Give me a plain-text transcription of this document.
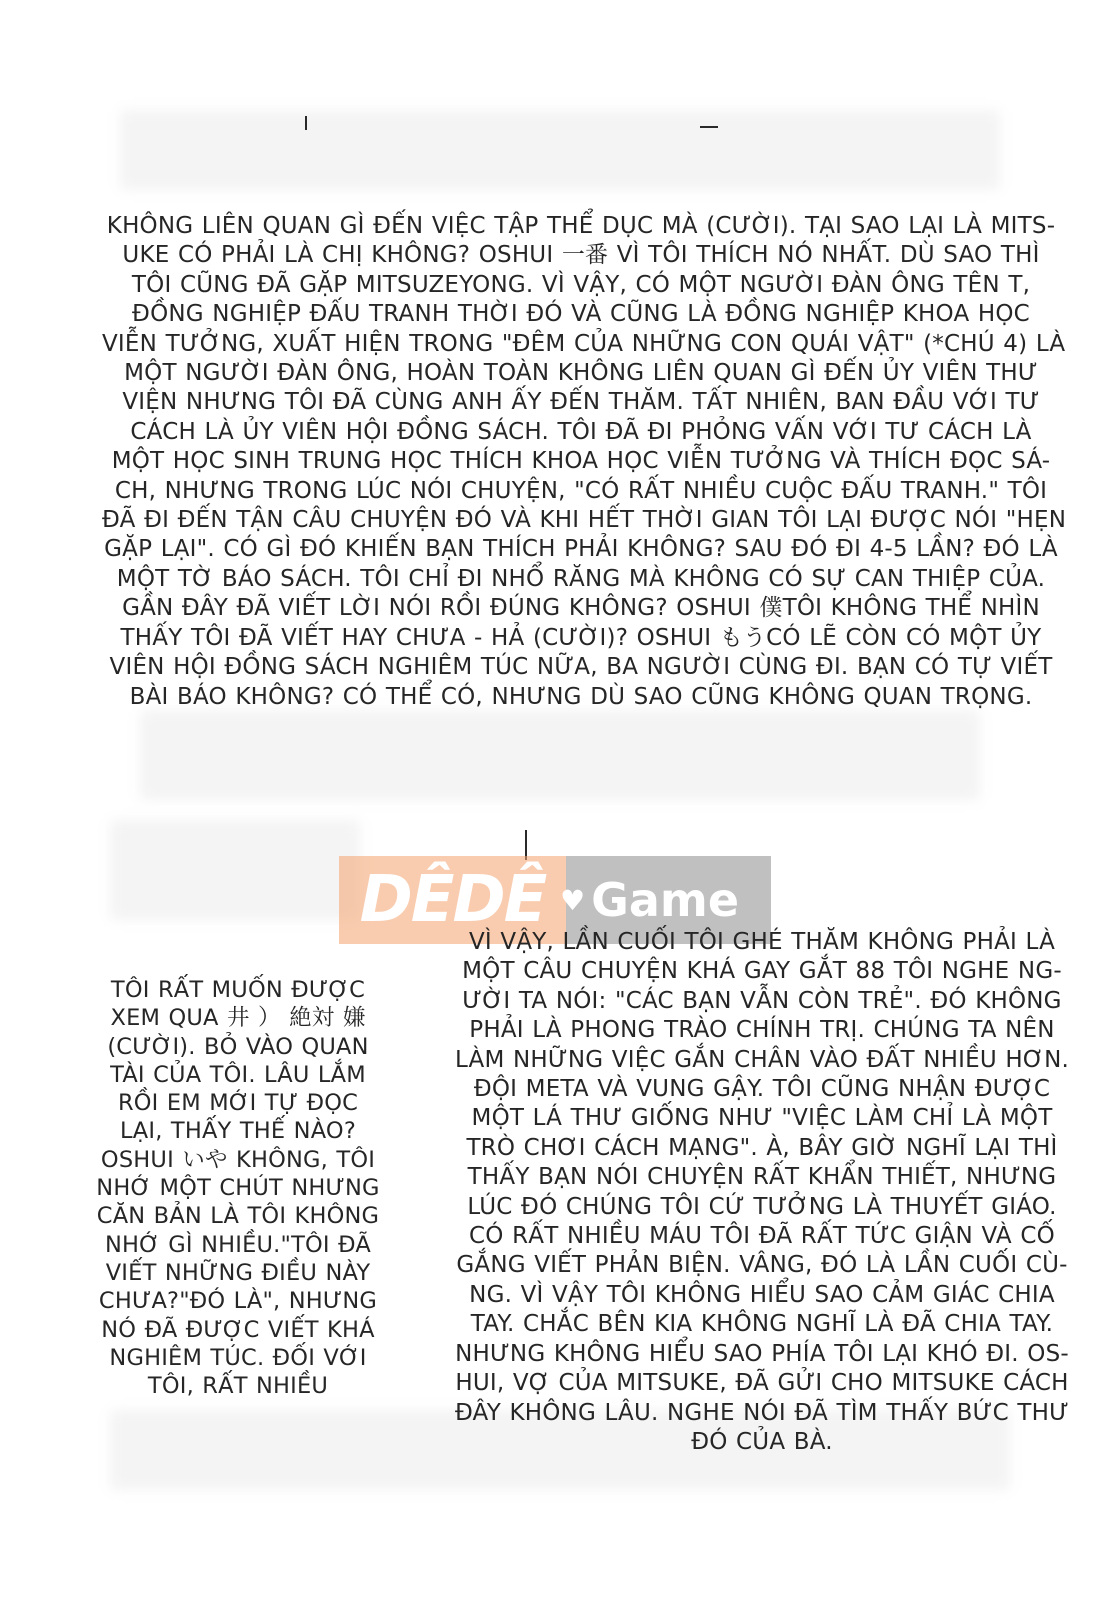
KHÔNG LIÊN QUAN GÌ ĐẾN VIỆC TẬP THỂ DỤC MÀ (CƯỜI). TẠI SAO LẠI LÀ MITS-
UKE CÓ PHẢI LÀ CHỊ KHÔNG? OSHUI 一番 VÌ TÔI THÍCH NÓ NHẤT. DÙ SAO THÌ
TÔI CŨNG ĐÃ GẶP MITSUZEYONG. VÌ VẬY, CÓ MỘT NGƯỜI ĐÀN ÔNG TÊN T,
ĐỒNG NGHIỆP ĐẤU TRANH THỜI ĐÓ VÀ CŨNG LÀ ĐỒNG NGHIỆP KHOA HỌC
VIỄN TƯỞNG, XUẤT HIỆN TRONG "ĐÊM CỦA NHỮNG CON QUÁI VẬT" (*CHÚ 4) LÀ
MỘT NGƯỜI ĐÀN ÔNG, HOÀN TOÀN KHÔNG LIÊN QUAN GÌ ĐẾN ỦY VIÊN THƯ
VIỆN NHƯNG TÔI ĐÃ CÙNG ANH ẤY ĐẾN THĂM. TẤT NHIÊN, BAN ĐẦU VỚI TƯ
CÁCH LÀ ỦY VIÊN HỘI ĐỒNG SÁCH. TÔI ĐÃ ĐI PHỎNG VẤN VỚI TƯ CÁCH LÀ
MỘT HỌC SINH TRUNG HỌC THÍCH KHOA HỌC VIỄN TƯỞNG VÀ THÍCH ĐỌC SÁ-
CH, NHƯNG TRONG LÚC NÓI CHUYỆN, "CÓ RẤT NHIỀU CUỘC ĐẤU TRANH." TÔI
ĐÃ ĐI ĐẾN TẬN CÂU CHUYỆN ĐÓ VÀ KHI HẾT THỜI GIAN TÔI LẠI ĐƯỢC NÓI "HẸN
GẶP LẠI". CÓ GÌ ĐÓ KHIẾN BẠN THÍCH PHẢI KHÔNG? SAU ĐÓ ĐI 4-5 LẦN? ĐÓ LÀ
MỘT TỜ BÁO SÁCH. TÔI CHỈ ĐI NHỔ RĂNG MÀ KHÔNG CÓ SỰ CAN THIỆP CỦA.
GẦN ĐÂY ĐÃ VIẾT LỜI NÓI RỒI ĐÚNG KHÔNG? OSHUI 僕TÔI KHÔNG THỂ NHÌN
THẤY TÔI ĐÃ VIẾT HAY CHƯA - HẢ (CƯỜI)? OSHUI もうCÓ LẼ CÒN CÓ MỘT ỦY
VIÊN HỘI ĐỒNG SÁCH NGHIÊM TÚC NỮA, BA NGƯỜI CÙNG ĐI. BẠN CÓ TỰ VIẾT
BÀI BÁO KHÔNG? CÓ THỂ CÓ, NHƯNG DÙ SAO CŨNG KHÔNG QUAN TRỌNG.

DÊDÊ ♥ Game

TÔI RẤT MUỐN ĐƯỢC
XEM QUA 井 ） 絶対 嫌
(CƯỜI). BỎ VÀO QUAN
TÀI CỦA TÔI. LÂU LẮM
RỒI EM MỚI TỰ ĐỌC
LẠI, THẤY THẾ NÀO?
OSHUI いや KHÔNG, TÔI
NHỚ MỘT CHÚT NHƯNG
CĂN BẢN LÀ TÔI KHÔNG
NHỚ GÌ NHIỀU."TÔI ĐÃ
VIẾT NHỮNG ĐIỀU NÀY
CHƯA?"ĐÓ LÀ", NHƯNG
NÓ ĐÃ ĐƯỢC VIẾT KHÁ
NGHIÊM TÚC. ĐỐI VỚI
TÔI, RẤT NHIỀU

VÌ VẬY, LẦN CUỐI TÔI GHÉ THĂM KHÔNG PHẢI LÀ
MỘT CÂU CHUYỆN KHÁ GAY GẮT 88 TÔI NGHE NG-
ƯỜI TA NÓI: "CÁC BẠN VẪN CÒN TRẺ". ĐÓ KHÔNG
PHẢI LÀ PHONG TRÀO CHÍNH TRỊ. CHÚNG TA NÊN
LÀM NHỮNG VIỆC GẮN CHÂN VÀO ĐẤT NHIỀU HƠN.
ĐỘI META VÀ VUNG GẬY. TÔI CŨNG NHẬN ĐƯỢC
MỘT LÁ THƯ GIỐNG NHƯ "VIỆC LÀM CHỈ LÀ MỘT
TRÒ CHƠI CÁCH MẠNG". À, BÂY GIỜ NGHĨ LẠI THÌ
THẤY BẠN NÓI CHUYỆN RẤT KHẨN THIẾT, NHƯNG
LÚC ĐÓ CHÚNG TÔI CỨ TƯỞNG LÀ THUYẾT GIÁO.
CÓ RẤT NHIỀU MÁU TÔI ĐÃ RẤT TỨC GIẬN VÀ CỐ
GẮNG VIẾT PHẢN BIỆN. VÂNG, ĐÓ LÀ LẦN CUỐI CÙ-
NG. VÌ VẬY TÔI KHÔNG HIỂU SAO CẢM GIÁC CHIA
TAY. CHẮC BÊN KIA KHÔNG NGHĨ LÀ ĐÃ CHIA TAY.
NHƯNG KHÔNG HIỂU SAO PHÍA TÔI LẠI KHÓ ĐI. OS-
HUI, VỢ CỦA MITSUKE, ĐÃ GỬI CHO MITSUKE CÁCH
ĐÂY KHÔNG LÂU. NGHE NÓI ĐÃ TÌM THẤY BỨC THƯ
ĐÓ CỦA BÀ.
